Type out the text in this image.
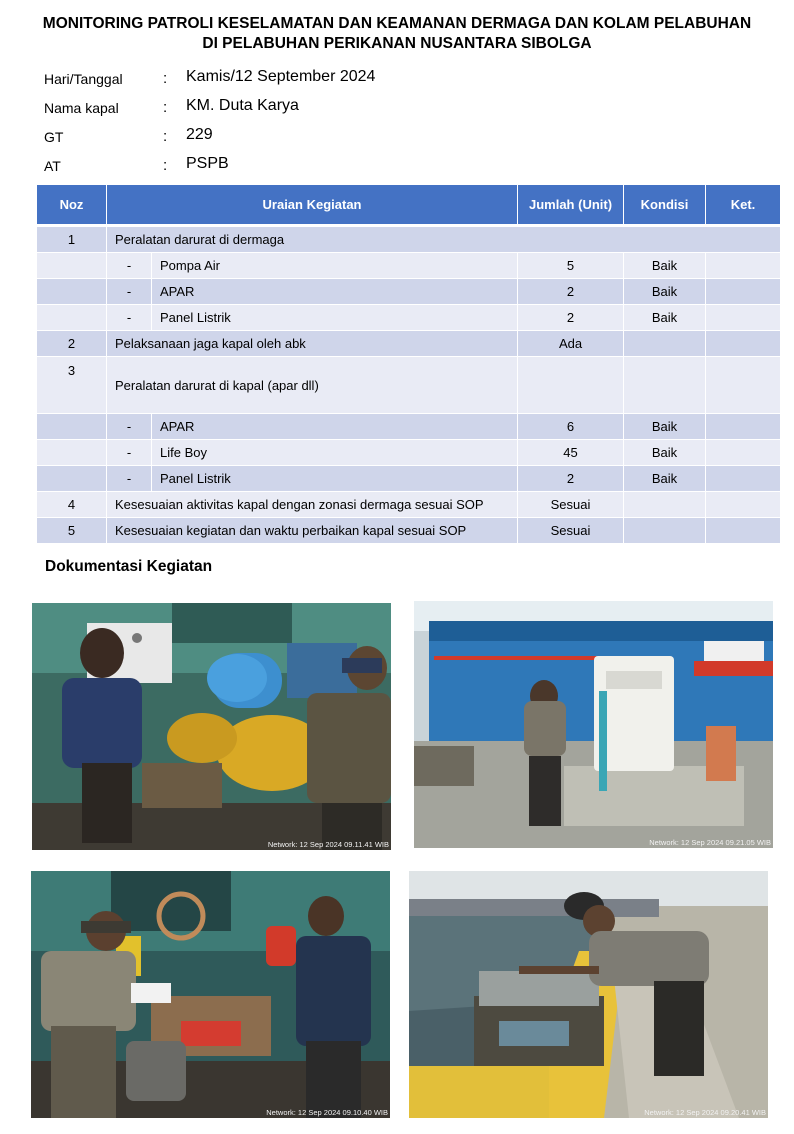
MONITORING PATROLI KESELAMATAN DAN KEAMANAN DERMAGA DAN KOLAM PELABUHAN
DI PELABUHAN PERIKANAN NUSANTARA SIBOLGA
Hari/Tanggal	: Kamis/12 September 2024
Nama kapal	: KM. Duta Karya
GT	: 229
AT	: PSPB
Noz	Uraian Kegiatan		Jumlah (Unit)	Kondisi	Ket.

1	Peralatan darurat di dermaga				
	-	Pompa Air	5	Baik	
	-	APAR	2	Baik	
	-	Panel Listrik	2	Baik	
2	Pelaksanaan jaga kapal oleh abk		Ada		
3	Peralatan darurat di kapal (apar dll)				
	-	APAR	6	Baik	
	-	Life Boy	45	Baik	
	-	Panel Listrik	2	Baik	
4	Kesesuaian aktivitas kapal dengan zonasi dermaga sesuai SOP		Sesuai		
5	Kesesuaian kegiatan dan waktu perbaikan kapal sesuai SOP		Sesuai		
Dokumentasi Kegiatan
Network: 12 Sep 2024 09.11.41 WIB	Network: 12 Sep 2024 09.21.05 WIB
Network: 12 Sep 2024 09.10.40 WIB	Network: 12 Sep 2024 09.20.41 WIB
